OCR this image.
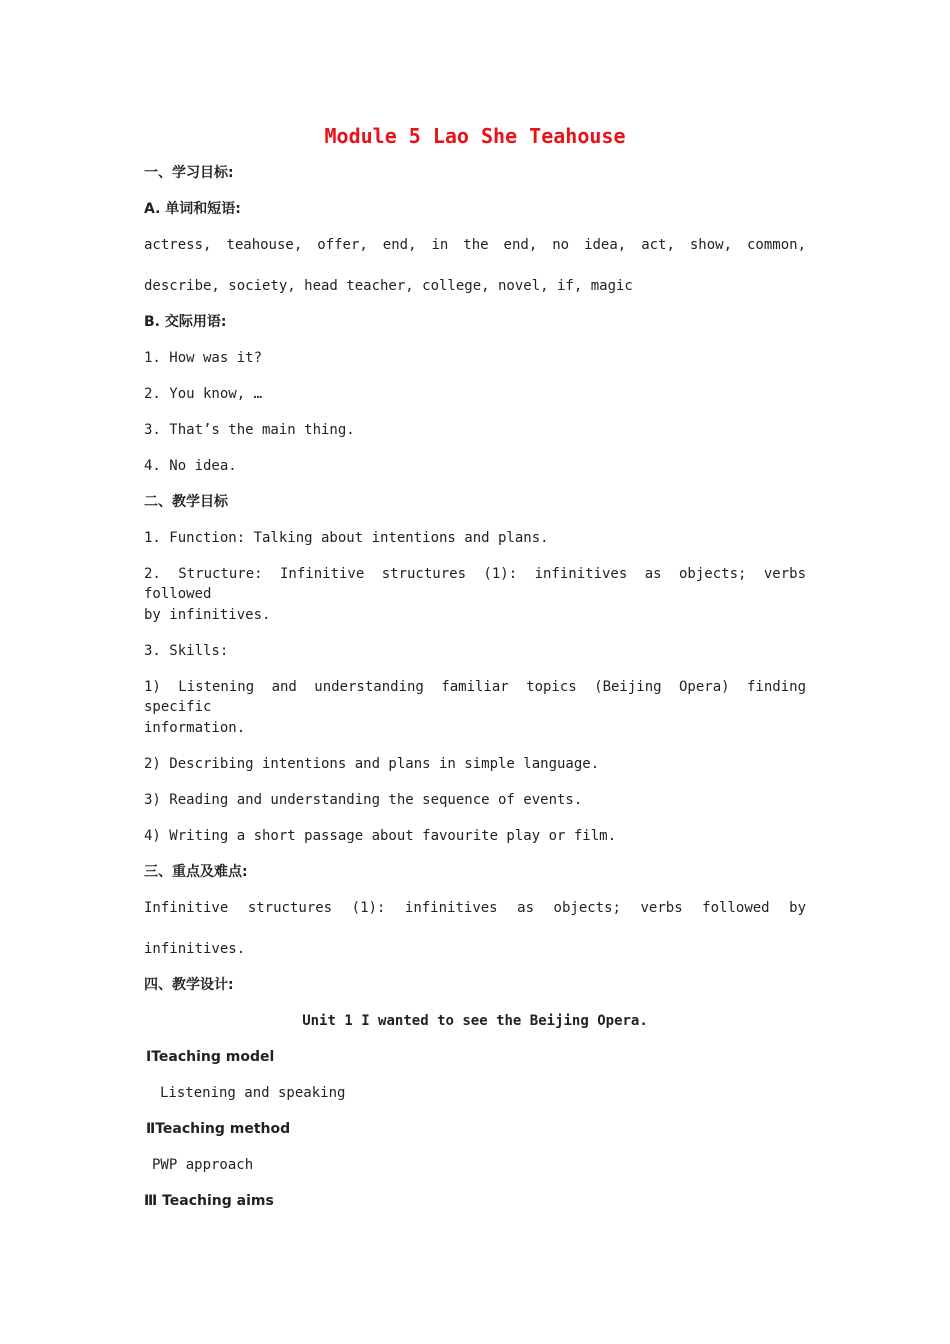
Module 5 Lao She Teahouse
一、学习目标:
A. 单词和短语:
actress, teahouse, offer, end, in the end, no idea, act, show, common,
describe, society, head teacher, college, novel, if, magic
B. 交际用语:
1. How was it?
2. You know, …
3. That’s the main thing.
4. No idea.
二、教学目标
1. Function: Talking about intentions and plans.
2. Structure: Infinitive structures (1): infinitives as objects; verbs followed
by infinitives.
3. Skills:
1) Listening and understanding familiar topics (Beijing Opera) finding specific
information.
2) Describing intentions and plans in simple language.
3) Reading and understanding the sequence of events.
4) Writing a short passage about favourite play or film.
三、重点及难点:
Infinitive structures (1): infinitives as objects; verbs followed by
infinitives.
四、教学设计:
Unit 1 I wanted to see the Beijing Opera.
ⅠTeaching model
Listening and speaking
ⅡTeaching method
PWP approach
Ⅲ Teaching aims
